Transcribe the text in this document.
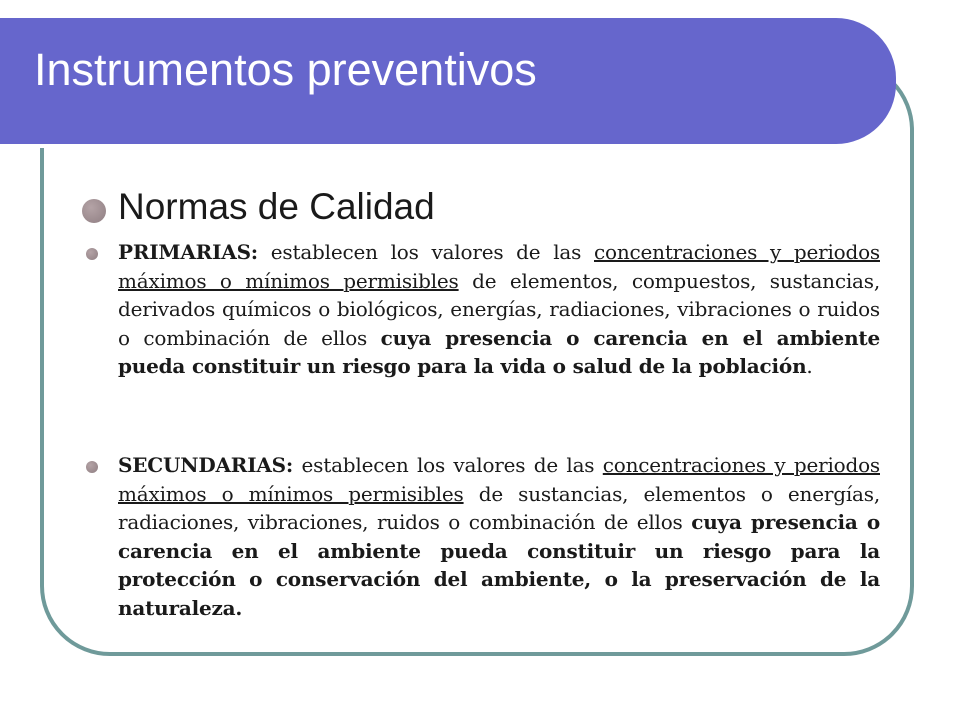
Instrumentos preventivos
Normas de Calidad
PRIMARIAS: establecen los valores de las concentraciones y periodos máximos o mínimos permisibles de elementos, compuestos, sustancias, derivados químicos o biológicos, energías, radiaciones, vibraciones o ruidos o combinación de ellos cuya presencia o carencia en el ambiente pueda constituir un riesgo para la vida o salud de la población.
SECUNDARIAS: establecen los valores de las concentraciones y periodos máximos o mínimos permisibles de sustancias, elementos o energías, radiaciones, vibraciones, ruidos o combinación de ellos cuya presencia o carencia en el ambiente pueda constituir un riesgo para la protección o conservación del ambiente, o la preservación de la naturaleza.
